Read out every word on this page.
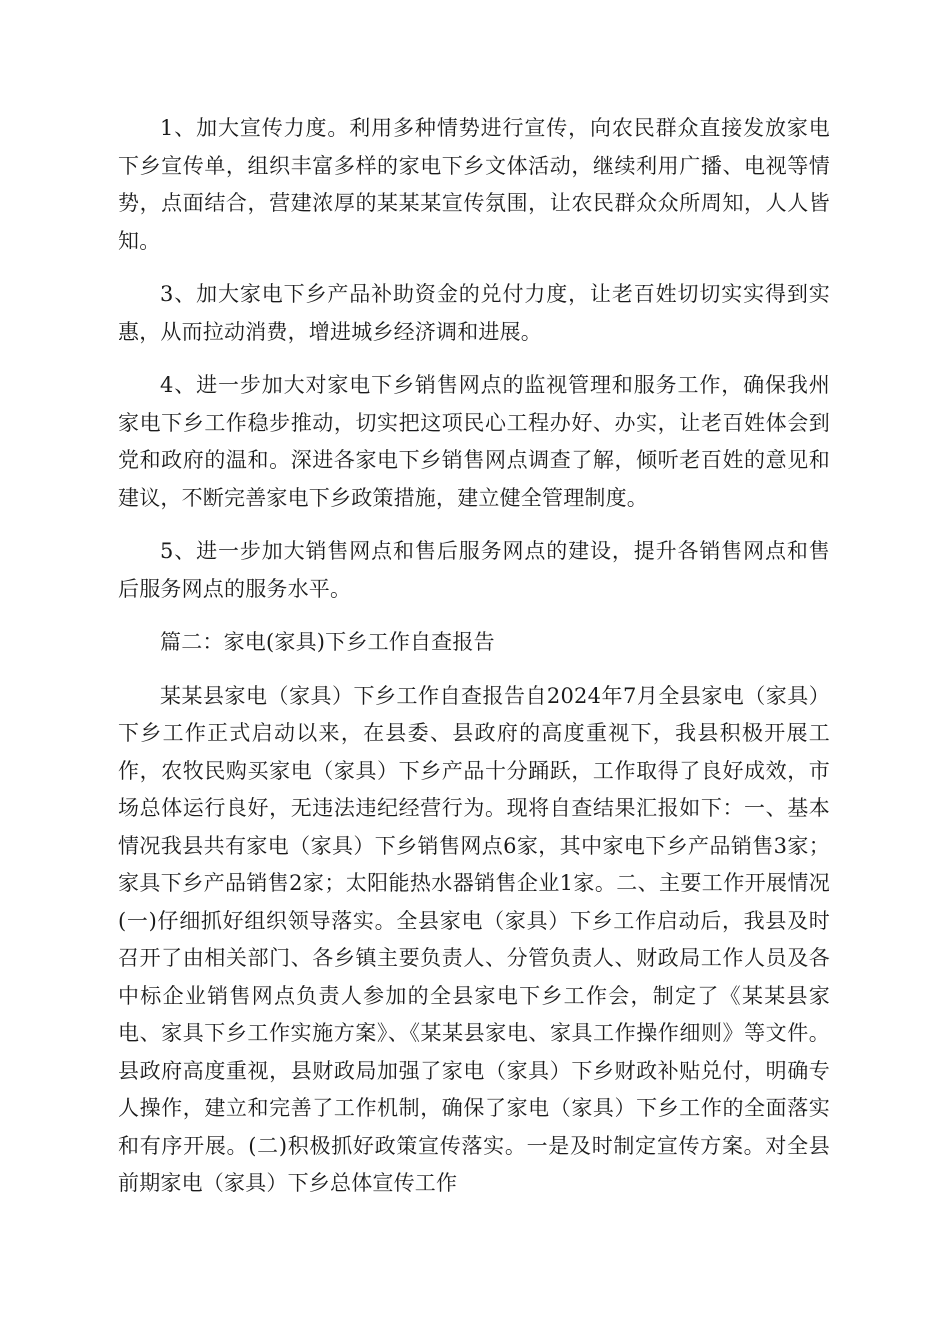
1、加大宣传力度。利用多种情势进行宣传，向农民群众直接发放家电下乡宣传单，组织丰富多样的家电下乡文体活动，继续利用广播、电视等情势，点面结合，营建浓厚的某某某宣传氛围，让农民群众众所周知，人人皆知。

3、加大家电下乡产品补助资金的兑付力度，让老百姓切切实实得到实惠，从而拉动消费，增进城乡经济调和进展。

4、进一步加大对家电下乡销售网点的监视管理和服务工作，确保我州家电下乡工作稳步推动，切实把这项民心工程办好、办实，让老百姓体会到党和政府的温和。深进各家电下乡销售网点调查了解，倾听老百姓的意见和建议，不断完善家电下乡政策措施，建立健全管理制度。

5、进一步加大销售网点和售后服务网点的建设，提升各销售网点和售后服务网点的服务水平。

篇二：家电(家具)下乡工作自查报告

某某县家电（家具）下乡工作自查报告自2024年7月全县家电（家具）下乡工作正式启动以来，在县委、县政府的高度重视下，我县积极开展工作，农牧民购买家电（家具）下乡产品十分踊跃，工作取得了良好成效，市场总体运行良好，无违法违纪经营行为。现将自查结果汇报如下：一、基本情况我县共有家电（家具）下乡销售网点6家，其中家电下乡产品销售3家；家具下乡产品销售2家；太阳能热水器销售企业1家。二、主要工作开展情况(一)仔细抓好组织领导落实。全县家电（家具）下乡工作启动后，我县及时召开了由相关部门、各乡镇主要负责人、分管负责人、财政局工作人员及各中标企业销售网点负责人参加的全县家电下乡工作会，制定了《某某县家电、家具下乡工作实施方案》、《某某县家电、家具工作操作细则》等文件。县政府高度重视，县财政局加强了家电（家具）下乡财政补贴兑付，明确专人操作，建立和完善了工作机制，确保了家电（家具）下乡工作的全面落实和有序开展。(二)积极抓好政策宣传落实。一是及时制定宣传方案。对全县前期家电（家具）下乡总体宣传工作
